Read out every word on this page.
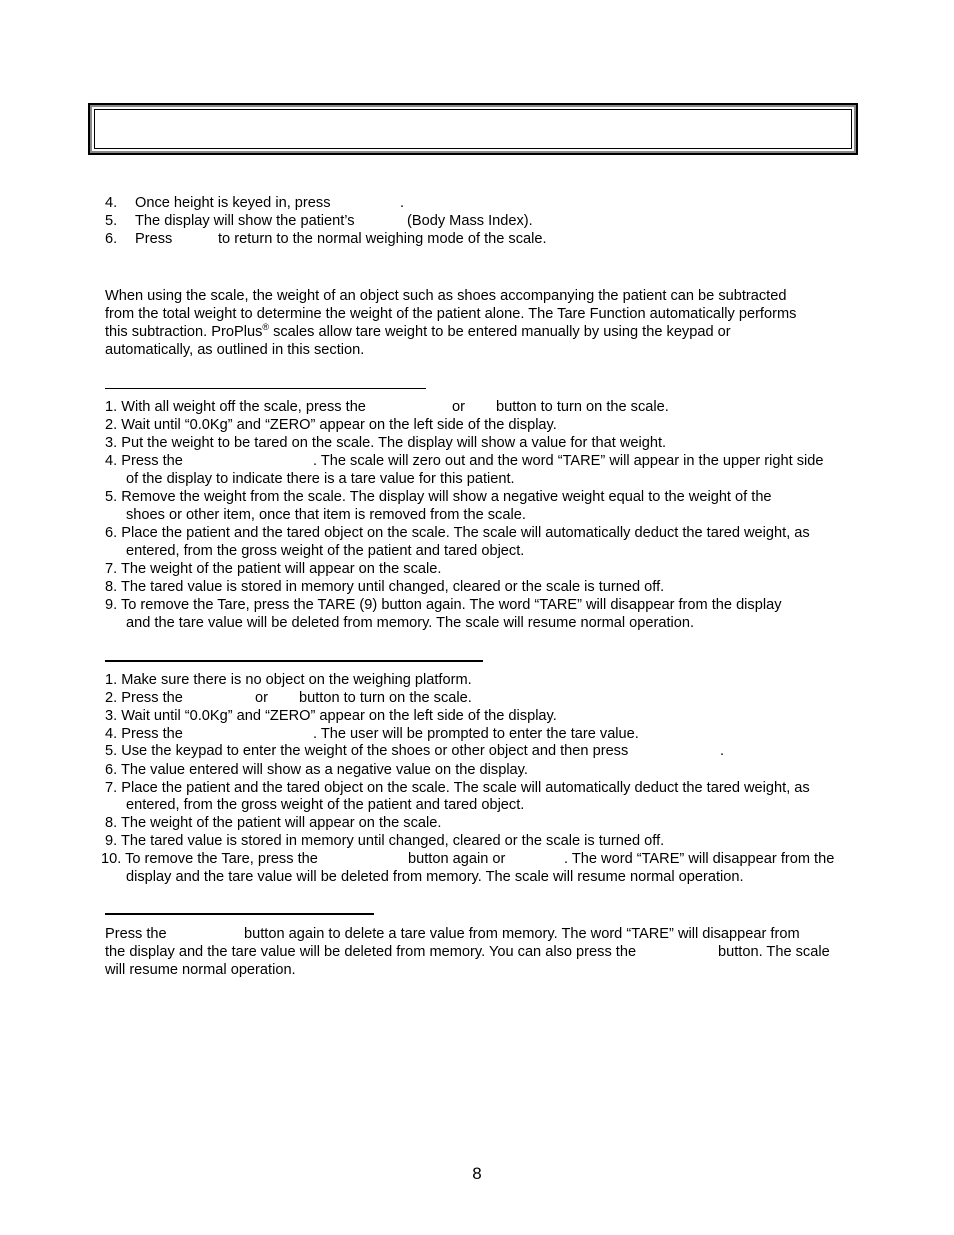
4. Once height is keyed in, press	.
5. The display will show the patient’s	(Body Mass Index).
6. Press	to return to the normal weighing mode of the scale.
When using the scale, the weight of an object such as shoes accompanying the patient can be subtracted
from the total weight to determine the weight of the patient alone. The Tare Function automatically performs
this subtraction. ProPlus® scales allow tare weight to be entered manually by using the keypad or
automatically, as outlined in this section.
1. With all weight off the scale, press the	or button to turn on the scale.
2. Wait until “0.0Kg” and “ZERO” appear on the left side of the display.
3. Put the weight to be tared on the scale. The display will show a value for that weight.
4. Press the	. The scale will zero out and the word “TARE” will appear in the upper right side
of the display to indicate there is a tare value for this patient.
5. Remove the weight from the scale. The display will show a negative weight equal to the weight of the
shoes or other item, once that item is removed from the scale.
6. Place the patient and the tared object on the scale. The scale will automatically deduct the tared weight, as
entered, from the gross weight of the patient and tared object.
7. The weight of the patient will appear on the scale.
8. The tared value is stored in memory until changed, cleared or the scale is turned off.
9. To remove the Tare, press the TARE (9) button again. The word “TARE” will disappear from the display
and the tare value will be deleted from memory. The scale will resume normal operation.
1. Make sure there is no object on the weighing platform.
2. Press the	or button to turn on the scale.
3. Wait until “0.0Kg” and “ZERO” appear on the left side of the display.
4. Press the	. The user will be prompted to enter the tare value.
5. Use the keypad to enter the weight of the shoes or other object and then press	.
6. The value entered will show as a negative value on the display.
7. Place the patient and the tared object on the scale. The scale will automatically deduct the tared weight, as
entered, from the gross weight of the patient and tared object.
8. The weight of the patient will appear on the scale.
9. The tared value is stored in memory until changed, cleared or the scale is turned off.
10. To remove the Tare, press the	button again or	. The word “TARE” will disappear from the
display and the tare value will be deleted from memory. The scale will resume normal operation.
Press the	button again to delete a tare value from memory. The word “TARE” will disappear from
the display and the tare value will be deleted from memory. You can also press the	button. The scale
will resume normal operation.
8
